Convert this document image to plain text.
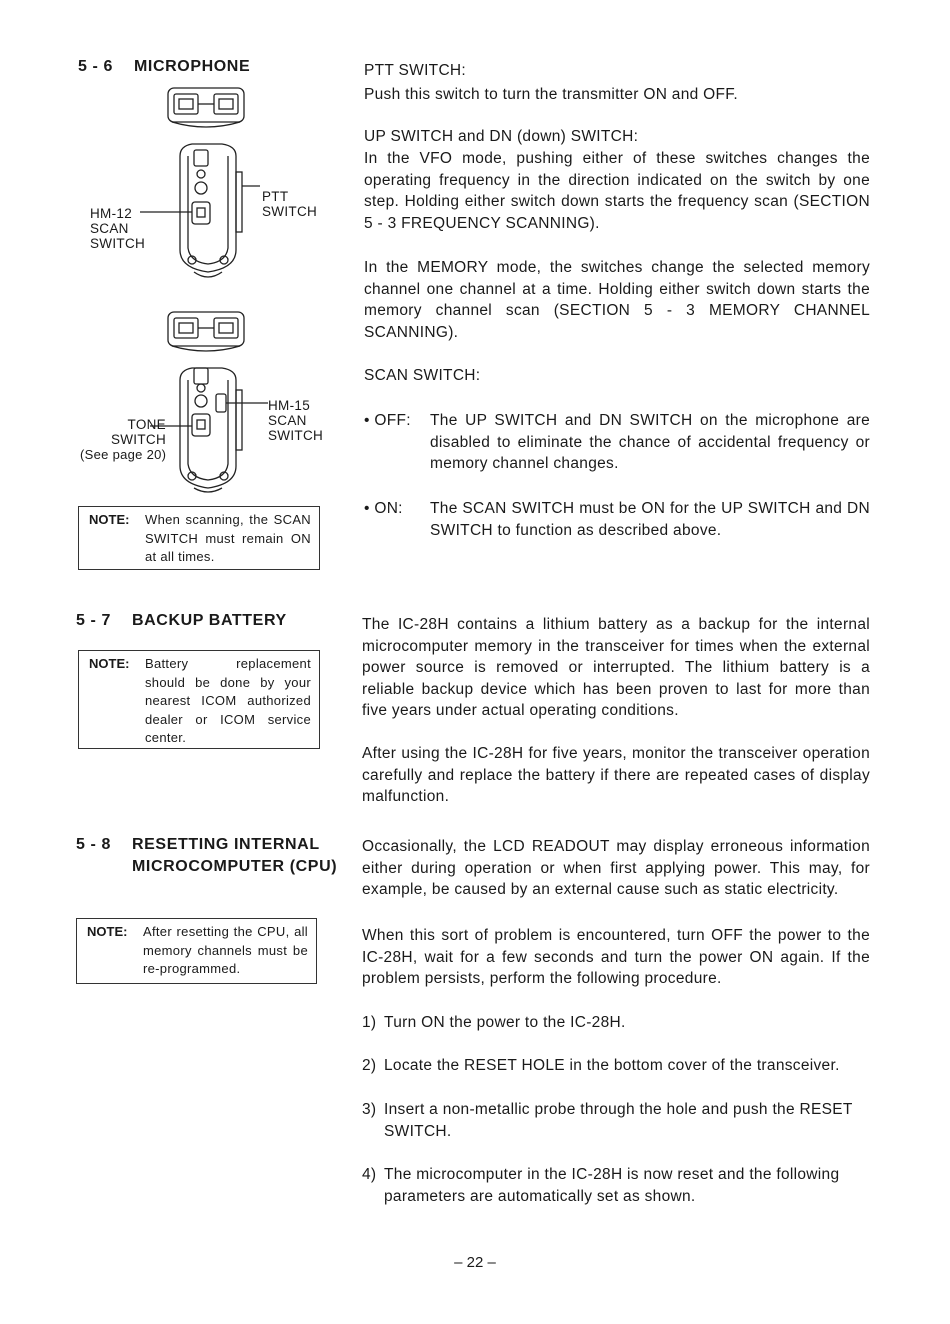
5 - 6 MICROPHONE
HM-12
SCAN
SWITCH
PTT
SWITCH
TONE
SWITCH
(See page 20)
HM-15
SCAN
SWITCH
NOTE:	When scanning, the SCAN SWITCH must remain ON at all times.
5 - 7 BACKUP BATTERY
NOTE:	Battery replacement should be done by your nearest ICOM authorized dealer or ICOM service center.
5 - 8 RESETTING INTERNAL
MICROCOMPUTER (CPU)
NOTE:	After resetting the CPU, all memory channels must be re-programmed.
PTT SWITCH:
Push this switch to turn the transmitter ON and OFF.
UP SWITCH and DN (down) SWITCH:
In the VFO mode, pushing either of these switches changes the operating frequency in the direction indicated on the switch by one step. Holding either switch down starts the frequency scan (SECTION 5 - 3 FREQUENCY SCANNING).
In the MEMORY mode, the switches change the selected memory channel one channel at a time. Holding either switch down starts the memory channel scan (SECTION 5 - 3 MEMORY CHANNEL SCANNING).
SCAN SWITCH:
• OFF: The UP SWITCH and DN SWITCH on the microphone are disabled to eliminate the chance of accidental frequency or memory channel changes.
• ON: The SCAN SWITCH must be ON for the UP SWITCH and DN SWITCH to function as described above.
The IC-28H contains a lithium battery as a backup for the internal microcomputer memory in the transceiver for times when the external power source is removed or interrupted. The lithium battery is a reliable backup device which has been proven to last for more than five years under actual operating conditions.
After using the IC-28H for five years, monitor the transceiver operation carefully and replace the battery if there are repeated cases of display malfunction.
Occasionally, the LCD READOUT may display erroneous information either during operation or when first applying power. This may, for example, be caused by an external cause such as static electricity.
When this sort of problem is encountered, turn OFF the power to the IC-28H, wait for a few seconds and turn the power ON again. If the problem persists, perform the following procedure.
1) Turn ON the power to the IC-28H.
2) Locate the RESET HOLE in the bottom cover of the transceiver.
3) Insert a non-metallic probe through the hole and push the RESET SWITCH.
4) The microcomputer in the IC-28H is now reset and the following parameters are automatically set as shown.
– 22 –
